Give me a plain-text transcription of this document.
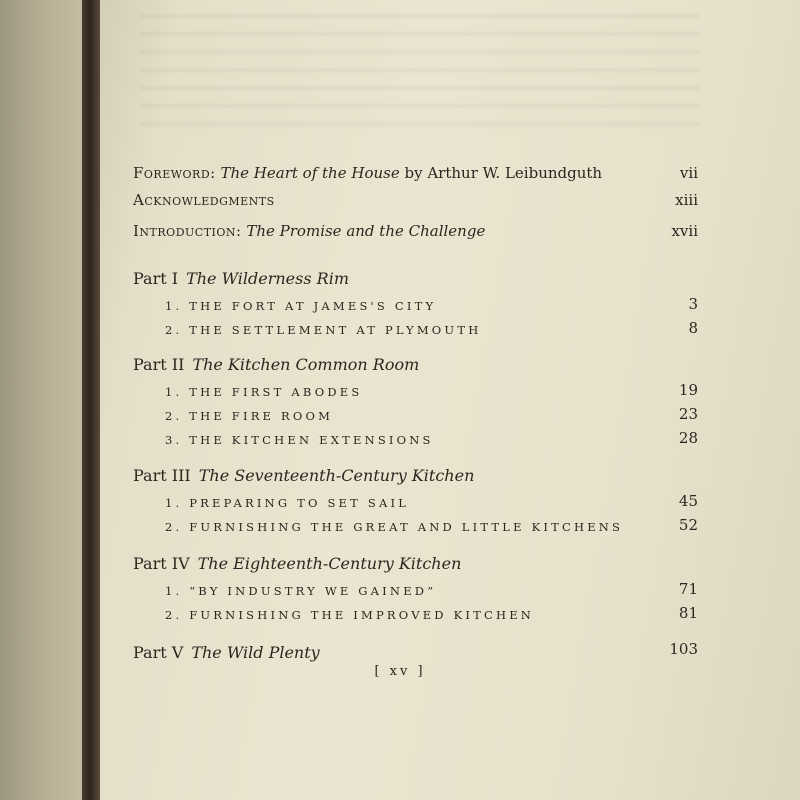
Foreword: The Heart of the House by Arthur W. Leibundguth	vii
Acknowledgments	xiii
Introduction: The Promise and the Challenge	xvii
Part I The Wilderness Rim
1. THE FORT AT JAMES'S CITY	3
2. THE SETTLEMENT AT PLYMOUTH	8
Part II The Kitchen Common Room
1. THE FIRST ABODES	19
2. THE FIRE ROOM	23
3. THE KITCHEN EXTENSIONS	28
Part III The Seventeenth-Century Kitchen
1. PREPARING TO SET SAIL	45
2. FURNISHING THE GREAT AND LITTLE KITCHENS	52
Part IV The Eighteenth-Century Kitchen
1. “BY INDUSTRY WE GAINED”	71
2. FURNISHING THE IMPROVED KITCHEN	81
Part V The Wild Plenty	103
[ xv ]
